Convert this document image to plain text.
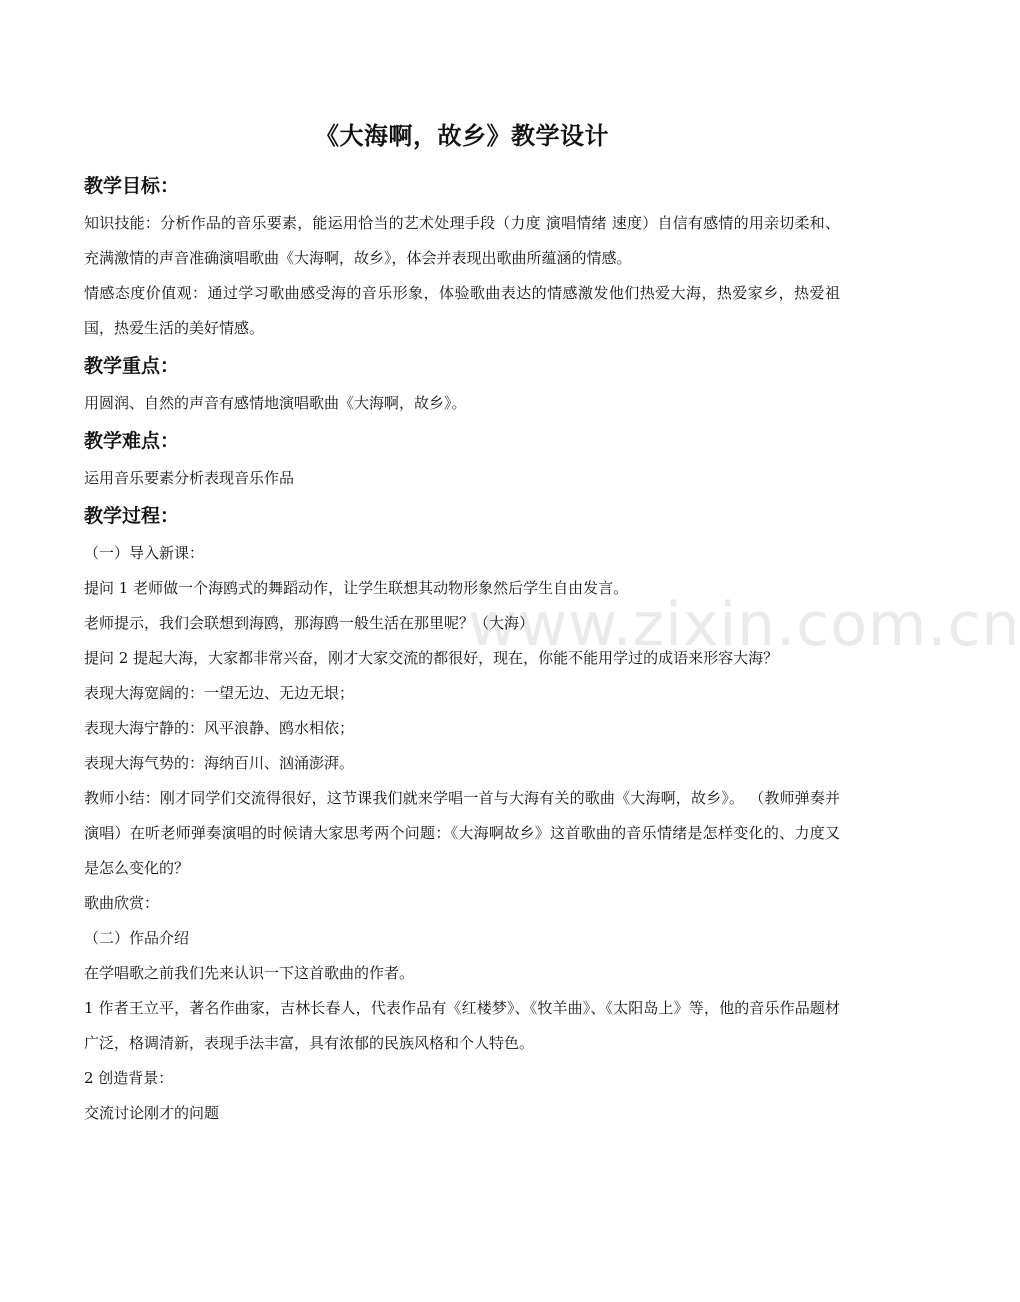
www.zixin.com.cn
《大海啊，故乡》教学设计
教学目标：

知识技能：分析作品的音乐要素，能运用恰当的艺术处理手段（力度 演唱情绪 速度）自信有感情的用亲切柔和、充满激情的声音准确演唱歌曲《大海啊，故乡》，体会并表现出歌曲所蕴涵的情感。

情感态度价值观：通过学习歌曲感受海的音乐形象，体验歌曲表达的情感激发他们热爱大海，热爱家乡，热爱祖国，热爱生活的美好情感。

教学重点：

用圆润、自然的声音有感情地演唱歌曲《大海啊，故乡》。

教学难点：

运用音乐要素分析表现音乐作品

教学过程：

（一）导入新课：

提问 1 老师做一个海鸥式的舞蹈动作，让学生联想其动物形象然后学生自由发言。

老师提示，我们会联想到海鸥，那海鸥一般生活在那里呢？（大海）

提问 2 提起大海，大家都非常兴奋，刚才大家交流的都很好，现在，你能不能用学过的成语来形容大海？

表现大海宽阔的：一望无边、无边无垠；

表现大海宁静的：风平浪静、鸥水相依；

表现大海气势的：海纳百川、汹涌澎湃。

教师小结：刚才同学们交流得很好，这节课我们就来学唱一首与大海有关的歌曲《大海啊，故乡》。 （教师弹奏并演唱）在听老师弹奏演唱的时候请大家思考两个问题：《大海啊故乡》这首歌曲的音乐情绪是怎样变化的、力度又是怎么变化的？

歌曲欣赏：

（二）作品介绍

在学唱歌之前我们先来认识一下这首歌曲的作者。

1 作者王立平，著名作曲家，吉林长春人，代表作品有《红楼梦》、《牧羊曲》、《太阳岛上》等，他的音乐作品题材广泛，格调清新，表现手法丰富，具有浓郁的民族风格和个人特色。

2 创造背景：

交流讨论刚才的问题
